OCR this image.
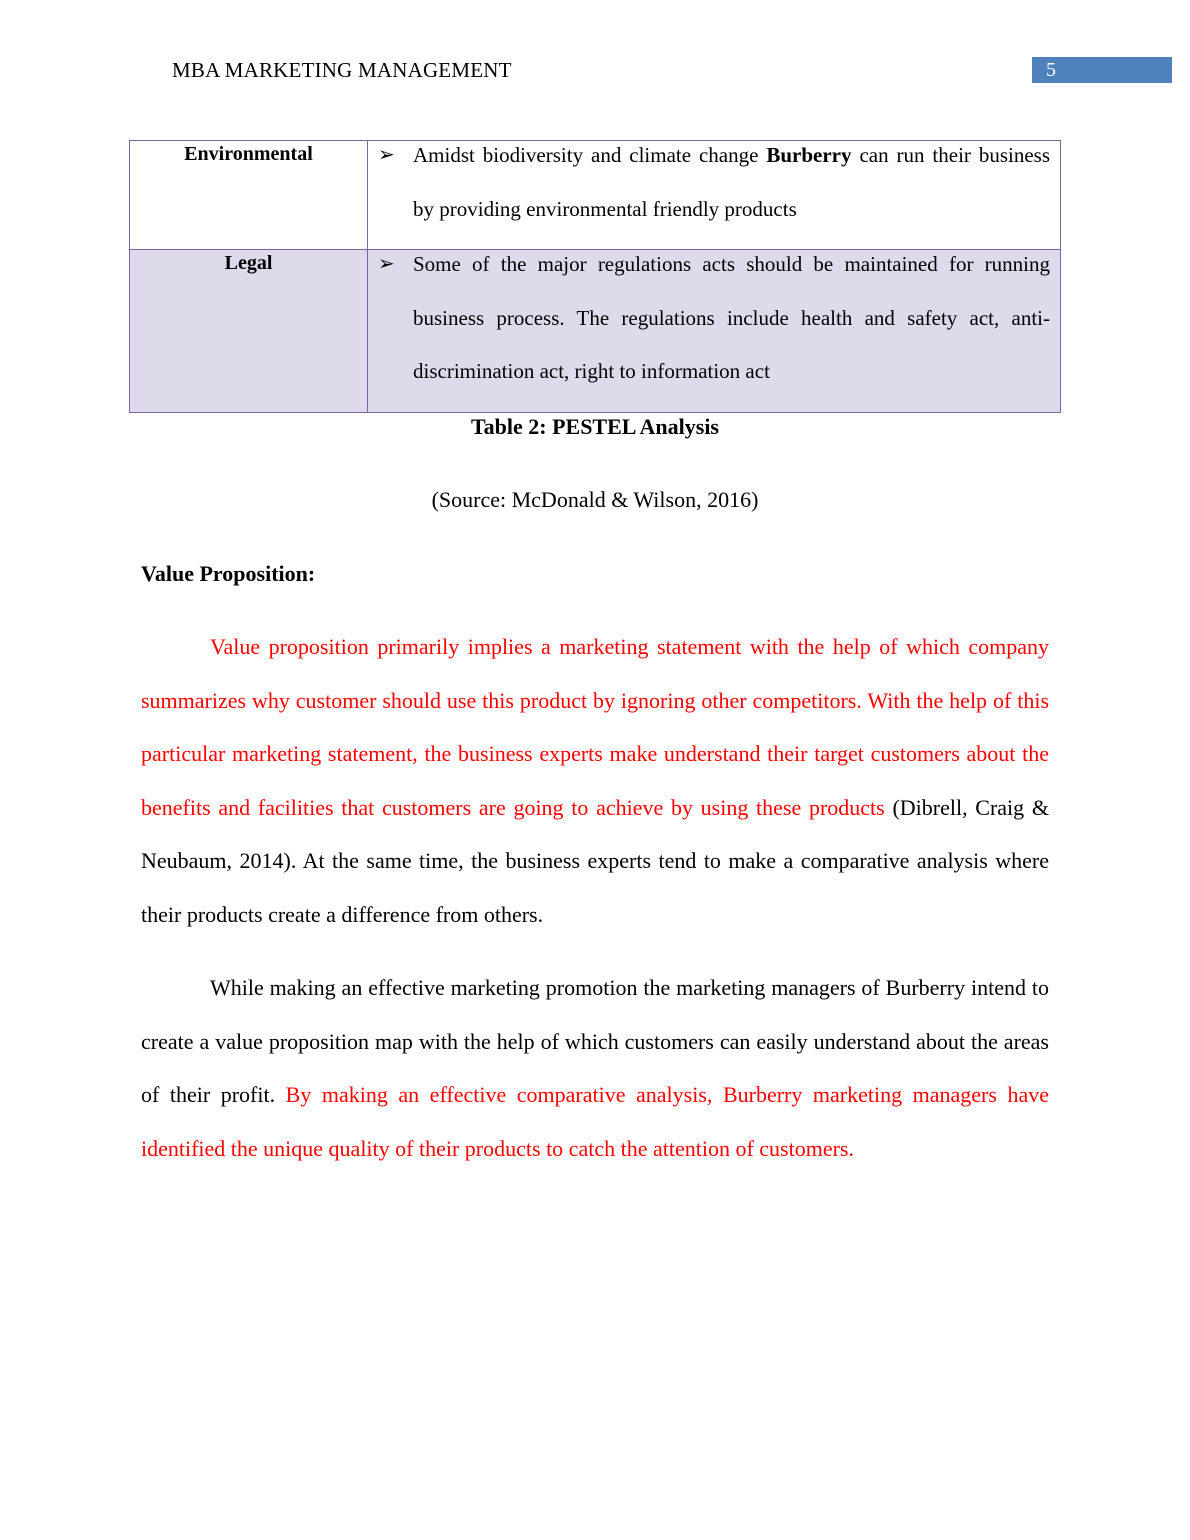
MBA MARKETING MANAGEMENT	5
Environmental	➢ Amidst biodiversity and climate change Burberry can run their business by providing environmental friendly products

Legal	➢ Some of the major regulations acts should be maintained for running business process. The regulations include health and safety act, anti-discrimination act, right to information act
Table 2: PESTEL Analysis
(Source: McDonald & Wilson, 2016)
Value Proposition:
Value proposition primarily implies a marketing statement with the help of which company summarizes why customer should use this product by ignoring other competitors. With the help of this particular marketing statement, the business experts make understand their target customers about the benefits and facilities that customers are going to achieve by using these products (Dibrell, Craig & Neubaum, 2014). At the same time, the business experts tend to make a comparative analysis where their products create a difference from others.
While making an effective marketing promotion the marketing managers of Burberry intend to create a value proposition map with the help of which customers can easily understand about the areas of their profit. By making an effective comparative analysis, Burberry marketing managers have identified the unique quality of their products to catch the attention of customers.
